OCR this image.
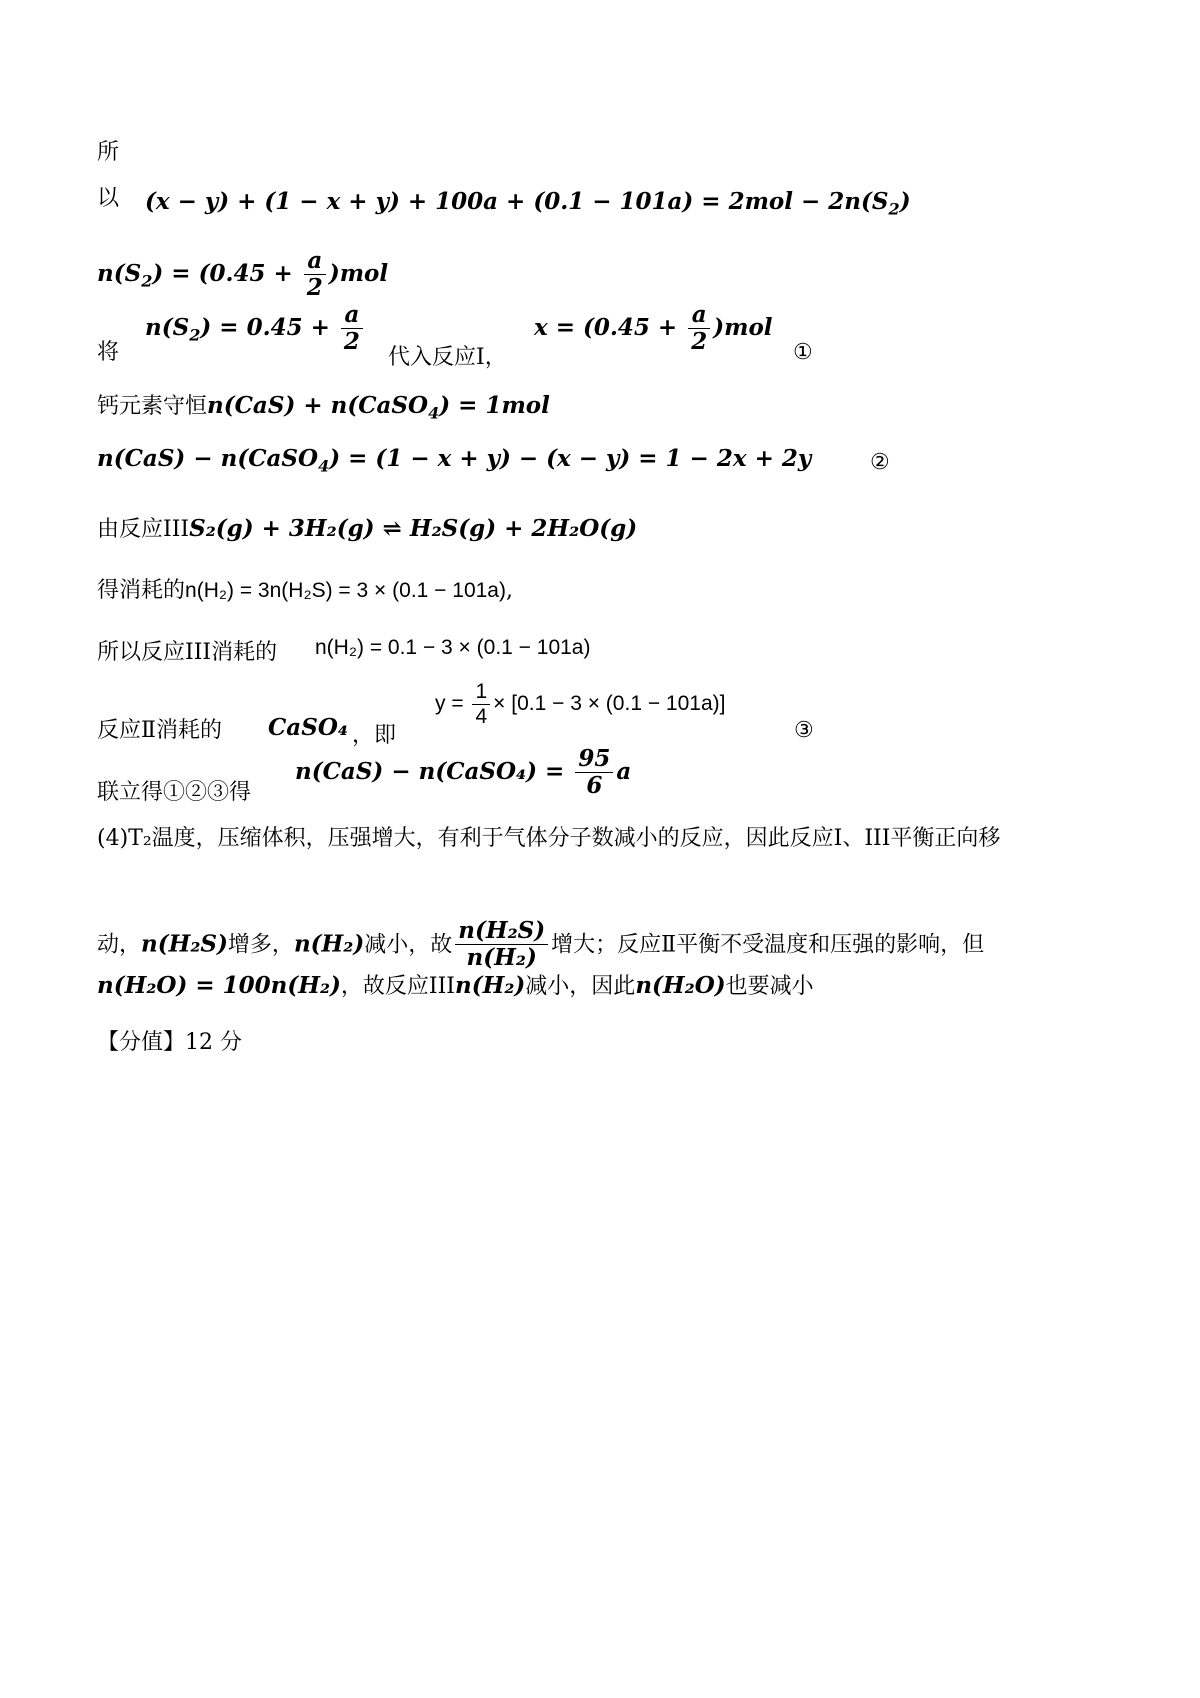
所
以 $(x - y) + (1 - x + y) + 100a + (0.1 - 101a) = 2mol - 2n(S_2)$
$n(S_2) = (0.45 + \frac{a}{2} )mol$
将
$n(S_2) = 0.45 + \frac{a}{2}$
代入反应Ⅰ，
$x = (0.45 + \frac{a}{2} )mol$
①
钙元素守恒n(CaS) + n(CaSO$_4$) = 1mol
n(CaS) − n(CaSO$_4$) = (1 − x + y) − (x − y) = 1 − 2x + 2y	②
由反应IIIS₂(g) + 3H₂(g) ⇌ H₂S(g) + 2H₂O(g)
得消耗的n(H₂) = 3n(H₂S) = 3 × (0.1 − 101a),
所以反应III消耗的 n(H₂) = 0.1 − 3 × (0.1 − 101a)
反应Ⅱ消耗的 CaSO₄ ，即
$y = \frac{1}{4} \times [0.1 - 3 \times (0.1 - 101a)]$
③
联立得①②③得
n(CaS) − n(CaSO₄) = $\frac{95}{6}$ a
(4)T₂温度，压缩体积，压强增大，有利于气体分子数减小的反应，因此反应Ⅰ、III平衡正向移
动，n(H₂S)增多，n(H₂)减小，故 $\frac{\text{n(H₂S)}}{\text{n(H₂)}}$ 增大；反应Ⅱ平衡不受温度和压强的影响，但
n(H₂O) = 100n(H₂)，故反应IIIn(H₂)减小，因此n(H₂O)也要减小
【分值】12 分
